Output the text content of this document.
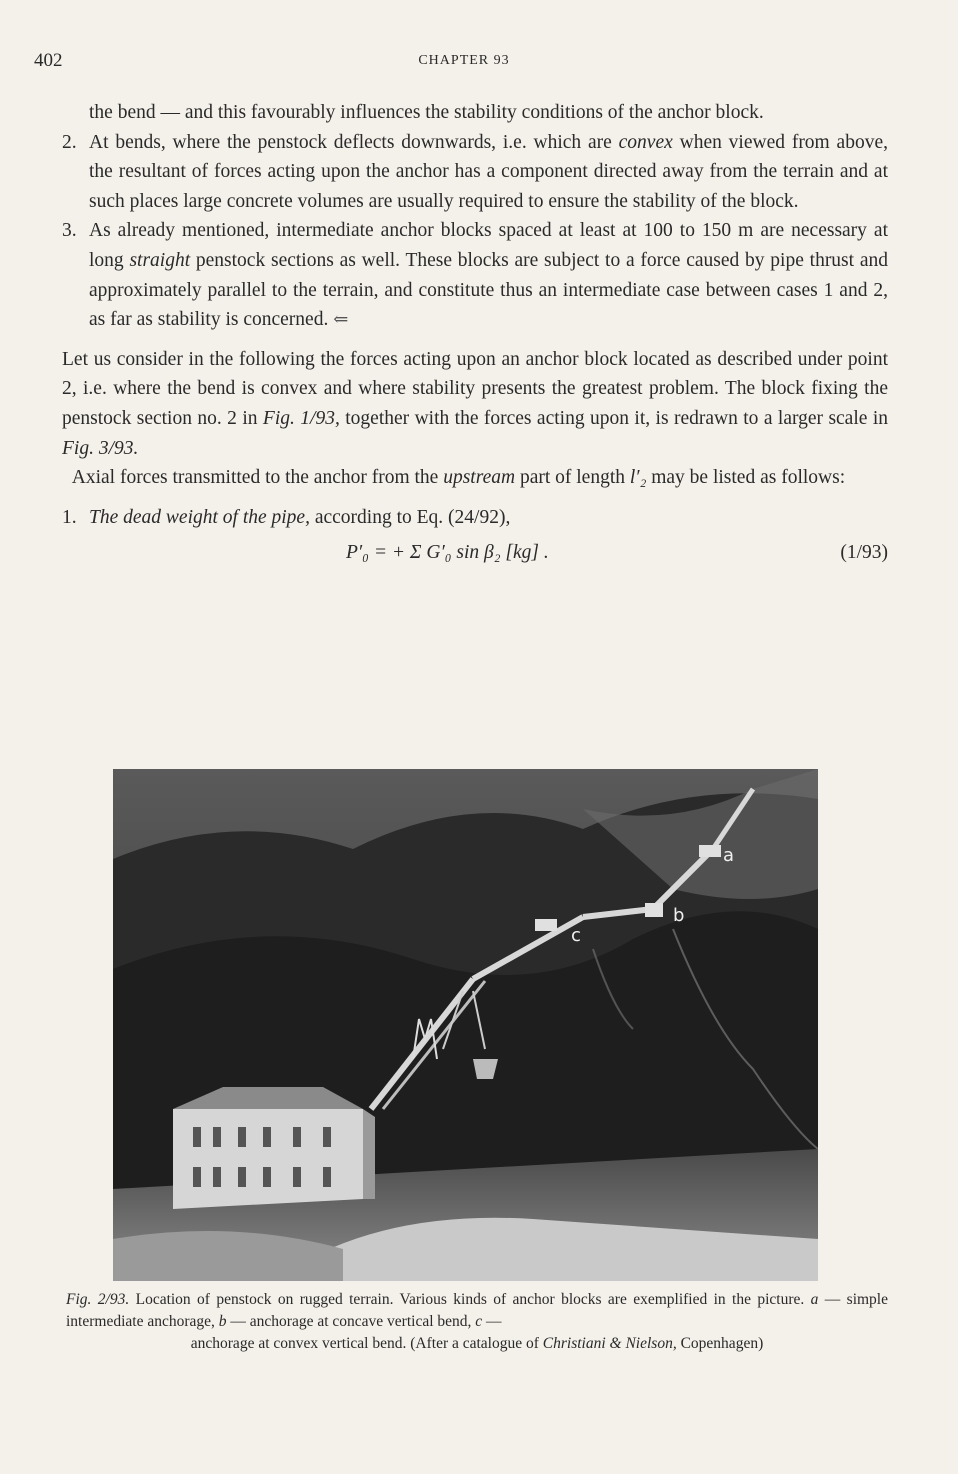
402	CHAPTER 93

the bend — and this favourably influences the stability conditions of the anchor block.

2. At bends, where the penstock deflects downwards, i.e. which are convex when viewed from above, the resultant of forces acting upon the anchor has a component directed away from the terrain and at such places large concrete volumes are usually required to ensure the stability of the block.
3. As already mentioned, intermediate anchor blocks spaced at least at 100 to 150 m are necessary at long straight penstock sections as well. These blocks are subject to a force caused by pipe thrust and approximately parallel to the terrain, and constitute thus an intermediate case between cases 1 and 2, as far as stability is concerned. ⇐

Let us consider in the following the forces acting upon an anchor block located as described under point 2, i.e. where the bend is convex and where stability presents the greatest problem. The block fixing the penstock section no. 2 in Fig. 1/93, together with the forces acting upon it, is redrawn to a larger scale in Fig. 3/93.

Axial forces transmitted to the anchor from the upstream part of length l′₂ may be listed as follows:

1. The dead weight of the pipe, according to Eq. (24/92),
P′₀ = + Σ G′₀ sin β₂ [kg] .	(1/93)
a
b
c
Fig. 2/93. Location of penstock on rugged terrain. Various kinds of anchor blocks are exemplified in the picture. a — simple intermediate anchorage, b — anchorage at concave vertical bend, c —
anchorage at convex vertical bend. (After a catalogue of Christiani & Nielson, Copenhagen)
